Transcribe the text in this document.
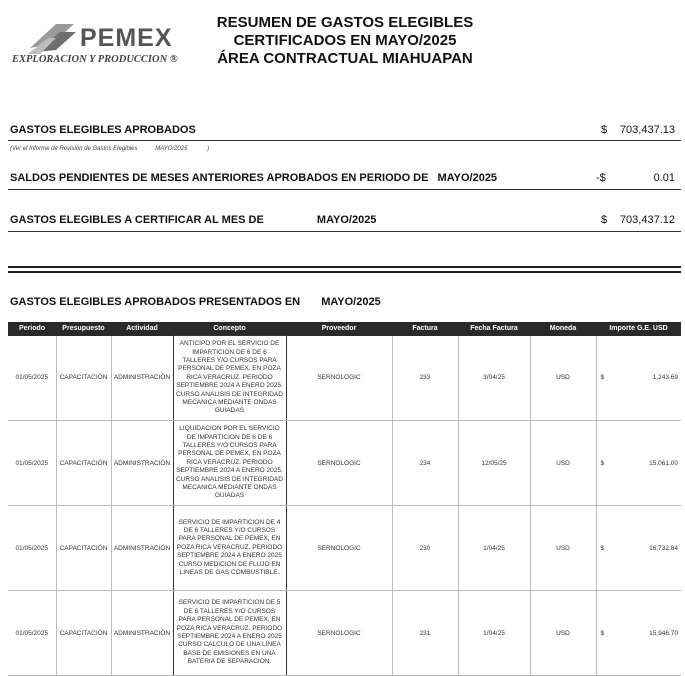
PEMEX
EXPLORACION Y PRODUCCION ®
RESUMEN DE GASTOS ELEGIBLES
CERTIFICADOS EN MAYO/2025
ÁREA CONTRACTUAL MIAHUAPAN
GASTOS ELEGIBLES APROBADOS	$ 703,437.13
(Ver el Informe de Revisión de Gastos Elegibles	MAYO/2025	)
SALDOS PENDIENTES DE MESES ANTERIORES APROBADOS EN PERIODO DE MAYO/2025	-$	0.01
GASTOS ELEGIBLES A CERTIFICAR AL MES DE	MAYO/2025	$ 703,437.12
GASTOS ELEGIBLES APROBADOS PRESENTADOS EN MAYO/2025
Periodo	Presupuesto	Actividad	Concepto	Proveedor	Factura	Fecha Factura	Moneda	Importe G.E. USD
01/05/2025	CAPACITACIÓN	ADMINISTRACIÓN	ANTICIPO POR EL SERVICIO DE IMPARTICION DE 6 DE 6 TALLERES Y/O CURSOS PARA PERSONAL DE PEMEX, EN POZA RICA VERACRUZ. PERIODO SEPTIEMBRE 2024 A ENERO 2025. CURSO ANALISIS DE INTEGRIDAD MECANICA MEDIANTE ONDAS GUIADAS	SERNOLOGIC	233	3/04/25	USD	$ 1,243.69
01/05/2025	CAPACITACIÓN	ADMINISTRACIÓN	LIQUIDACION POR EL SERVICIO DE IMPARTICION DE 6 DE 6 TALLERES Y/O CURSOS PARA PERSONAL DE PEMEX, EN POZA RICA VERACRUZ. PERIODO SEPTIEMBRE 2024 A ENERO 2025. CURSO ANALISIS DE INTEGRIDAD MECANICA MEDIANTE ONDAS GUIADAS	SERNOLOGIC	234	12/05/25	USD	$ 15,061.00
01/05/2025	CAPACITACIÓN	ADMINISTRACIÓN	SERVICIO DE IMPARTICION DE 4 DE 6 TALLERES Y/O CURSOS PARA PERSONAL DE PEMEX, EN POZA RICA VERACRUZ. PERIODO SEPTIEMBRE 2024 A ENERO 2025 CURSO MEDICION DE FLUJO EN LINEAS DE GAS COMBUSTIBLE.	SERNOLOGIC	230	1/04/25	USD	$ 16,732.84
01/05/2025	CAPACITACIÓN	ADMINISTRACIÓN	SERVICIO DE IMPARTICION DE 5 DE 6 TALLERES Y/O CURSOS PARA PERSONAL DE PEMEX, EN POZA RICA VERACRUZ. PERIODO SEPTIEMBRE 2024 A ENERO 2025 CURSO CALCULO DE UNA LINEA BASE DE EMISIONES EN UNA BATERIA DE SEPARACION.	SERNOLOGIC	231	1/04/25	USD	$ 15,946.70
